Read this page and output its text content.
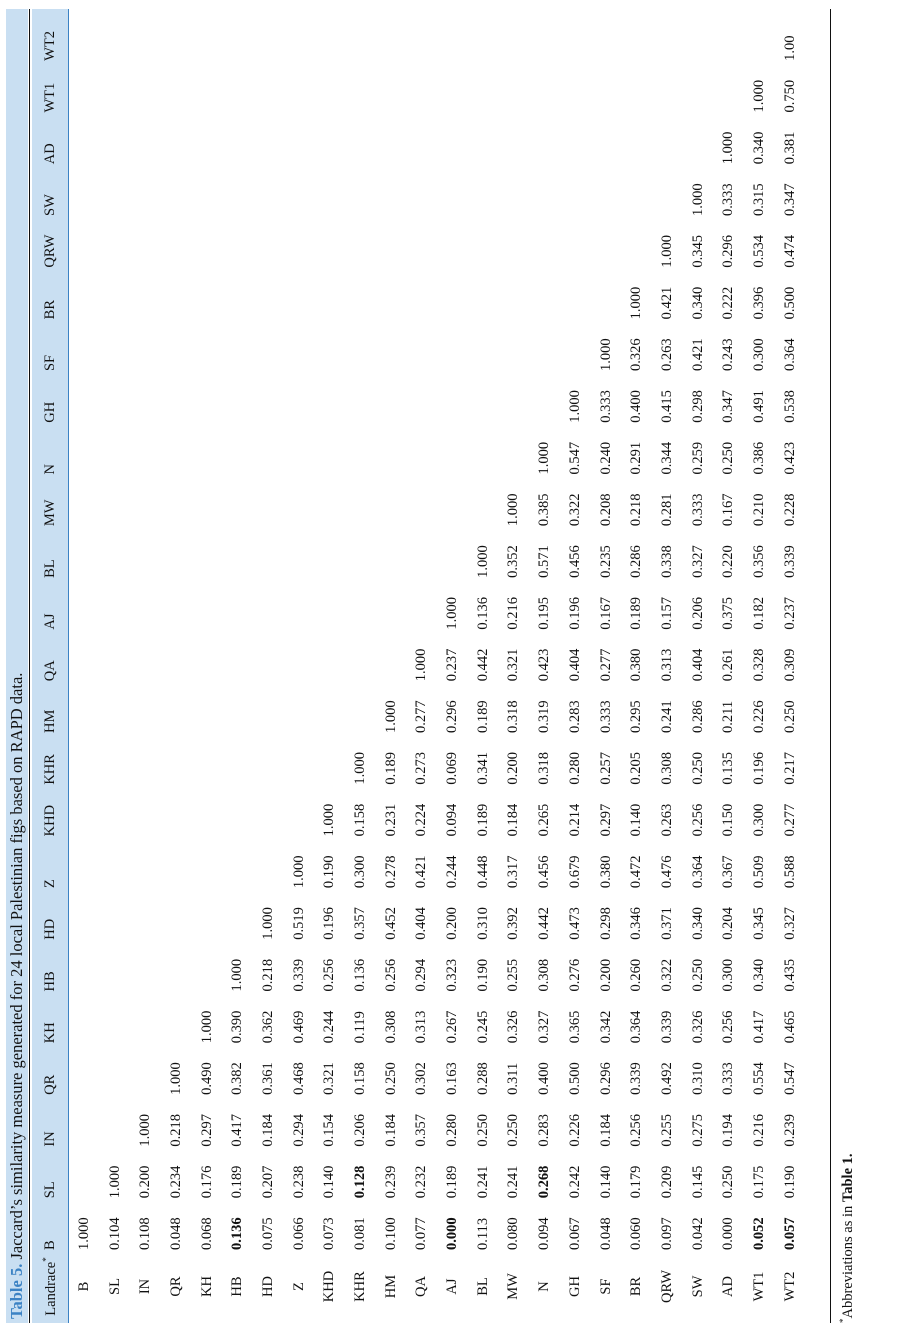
Table 5. Jaccard’s similarity measure generated for 24 local Palestinian figs based on RAPD data.
Landrace*	B	SL	IN	QR	KH	HB	HD	Z	KHD	KHR	HM	QA	AJ	BL	MW	N	GH	SF	BR	QRW	SW	AD	WT1	WT2
B	1.000																							
SL	0.104	1.000																						
IN	0.108	0.200	1.000																					
QR	0.048	0.234	0.218	1.000																				
KH	0.068	0.176	0.297	0.490	1.000																			
HB	0.136	0.189	0.417	0.382	0.390	1.000																		
HD	0.075	0.207	0.184	0.361	0.362	0.218	1.000																	
Z	0.066	0.238	0.294	0.468	0.469	0.339	0.519	1.000																
KHD	0.073	0.140	0.154	0.321	0.244	0.256	0.196	0.190	1.000															
KHR	0.081	0.128	0.206	0.158	0.119	0.136	0.357	0.300	0.158	1.000														
HM	0.100	0.239	0.184	0.250	0.308	0.256	0.452	0.278	0.231	0.189	1.000													
QA	0.077	0.232	0.357	0.302	0.313	0.294	0.404	0.421	0.224	0.273	0.277	1.000												
AJ	0.000	0.189	0.280	0.163	0.267	0.323	0.200	0.244	0.094	0.069	0.296	0.237	1.000											
BL	0.113	0.241	0.250	0.288	0.245	0.190	0.310	0.448	0.189	0.341	0.189	0.442	0.136	1.000										
MW	0.080	0.241	0.250	0.311	0.326	0.255	0.392	0.317	0.184	0.200	0.318	0.321	0.216	0.352	1.000									
N	0.094	0.268	0.283	0.400	0.327	0.308	0.442	0.456	0.265	0.318	0.319	0.423	0.195	0.571	0.385	1.000								
GH	0.067	0.242	0.226	0.500	0.365	0.276	0.473	0.679	0.214	0.280	0.283	0.404	0.196	0.456	0.322	0.547	1.000							
SF	0.048	0.140	0.184	0.296	0.342	0.200	0.298	0.380	0.297	0.257	0.333	0.277	0.167	0.235	0.208	0.240	0.333	1.000						
BR	0.060	0.179	0.256	0.339	0.364	0.260	0.346	0.472	0.140	0.205	0.295	0.380	0.189	0.286	0.218	0.291	0.400	0.326	1.000					
QRW	0.097	0.209	0.255	0.492	0.339	0.322	0.371	0.476	0.263	0.308	0.241	0.313	0.157	0.338	0.281	0.344	0.415	0.263	0.421	1.000				
SW	0.042	0.145	0.275	0.310	0.326	0.250	0.340	0.364	0.256	0.250	0.286	0.404	0.206	0.327	0.333	0.259	0.298	0.421	0.340	0.345	1.000			
AD	0.000	0.250	0.194	0.333	0.256	0.300	0.204	0.367	0.150	0.135	0.211	0.261	0.375	0.220	0.167	0.250	0.347	0.243	0.222	0.296	0.333	1.000		
WT1	0.052	0.175	0.216	0.554	0.417	0.340	0.345	0.509	0.300	0.196	0.226	0.328	0.182	0.356	0.210	0.386	0.491	0.300	0.396	0.534	0.315	0.340	1.000	
WT2	0.057	0.190	0.239	0.547	0.465	0.435	0.327	0.588	0.277	0.217	0.250	0.309	0.237	0.339	0.228	0.423	0.538	0.364	0.500	0.474	0.347	0.381	0.750	1.00
*Abbreviations as in Table 1.
